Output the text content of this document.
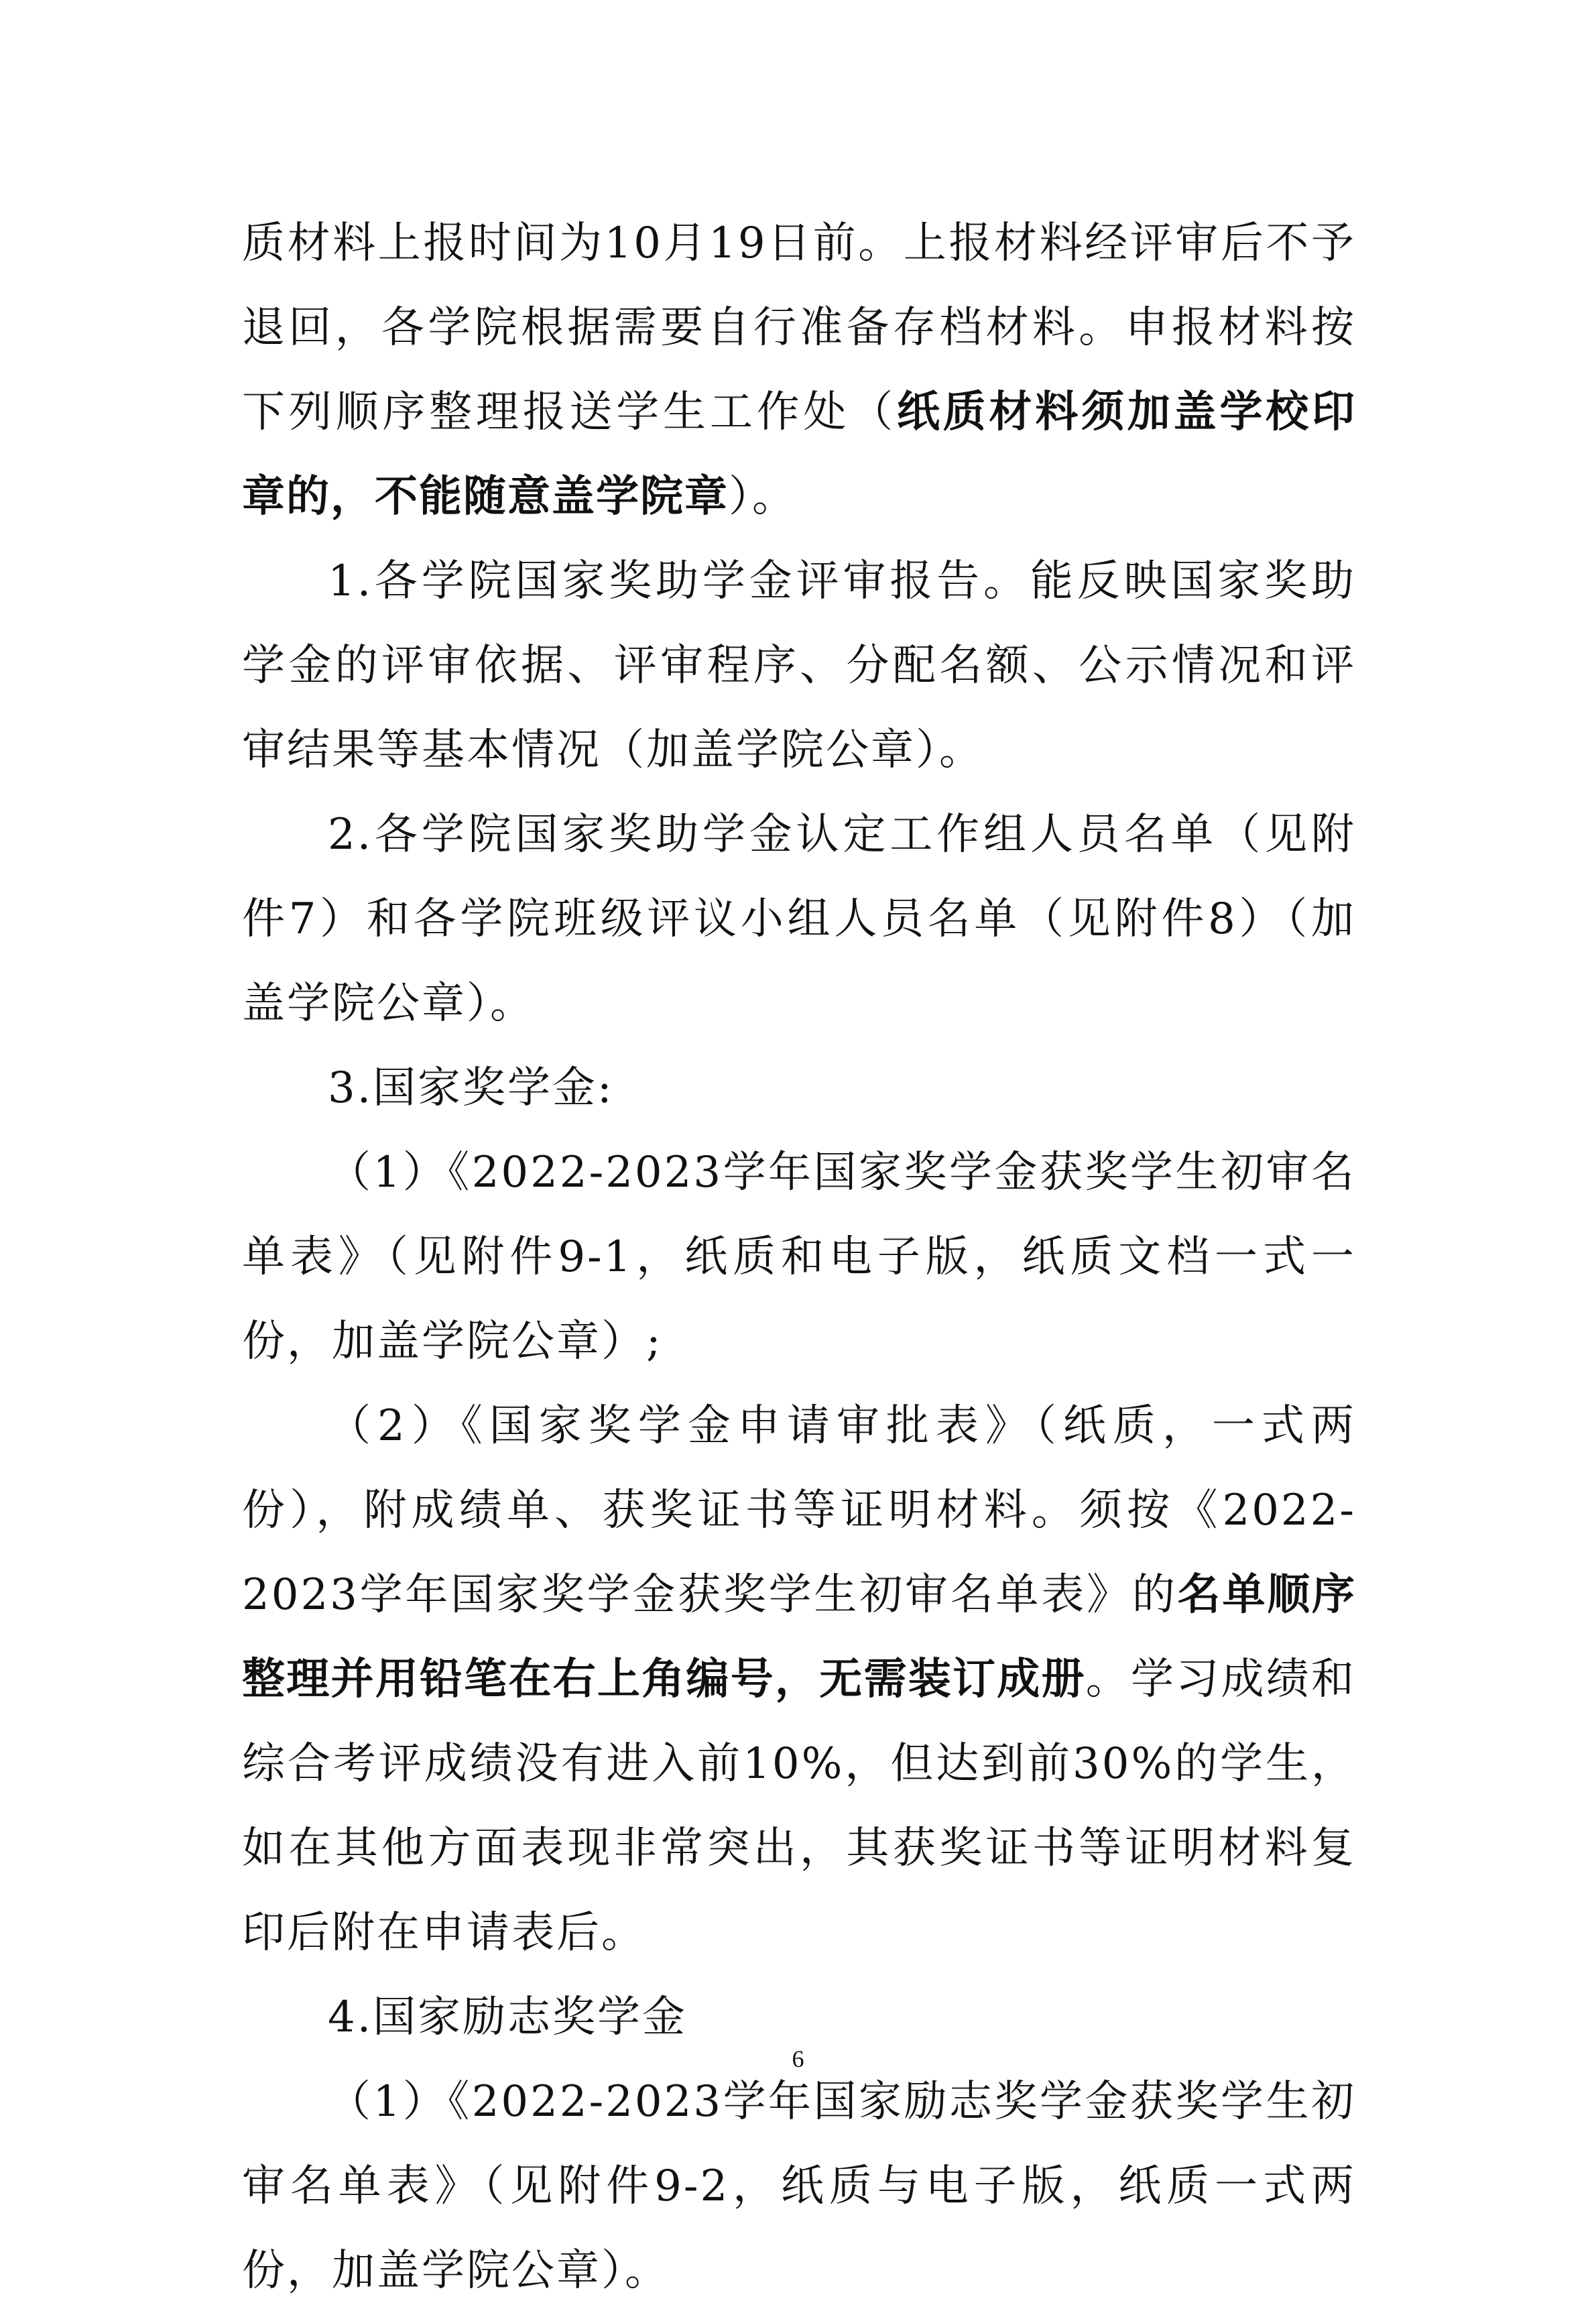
质材料上报时间为10月19日前。上报材料经评审后不予退回，各学院根据需要自行准备存档材料。申报材料按下列顺序整理报送学生工作处（纸质材料须加盖学校印章的，不能随意盖学院章）。

1.各学院国家奖助学金评审报告。能反映国家奖助学金的评审依据、评审程序、分配名额、公示情况和评审结果等基本情况（加盖学院公章）。

2.各学院国家奖助学金认定工作组人员名单（见附件7）和各学院班级评议小组人员名单（见附件8）（加盖学院公章）。

3.国家奖学金:

（1）《2022-2023学年国家奖学金获奖学生初审名单表》（见附件9-1，纸质和电子版，纸质文档一式一份，加盖学院公章）;

（2）《国家奖学金申请审批表》（纸质，一式两份），附成绩单、获奖证书等证明材料。须按《2022-2023学年国家奖学金获奖学生初审名单表》的名单顺序整理并用铅笔在右上角编号，无需装订成册。学习成绩和综合考评成绩没有进入前10%，但达到前30%的学生，如在其他方面表现非常突出，其获奖证书等证明材料复印后附在申请表后。

4.国家励志奖学金

（1）《2022-2023学年国家励志奖学金获奖学生初审名单表》（见附件9-2，纸质与电子版，纸质一式两份，加盖学院公章）。

6
